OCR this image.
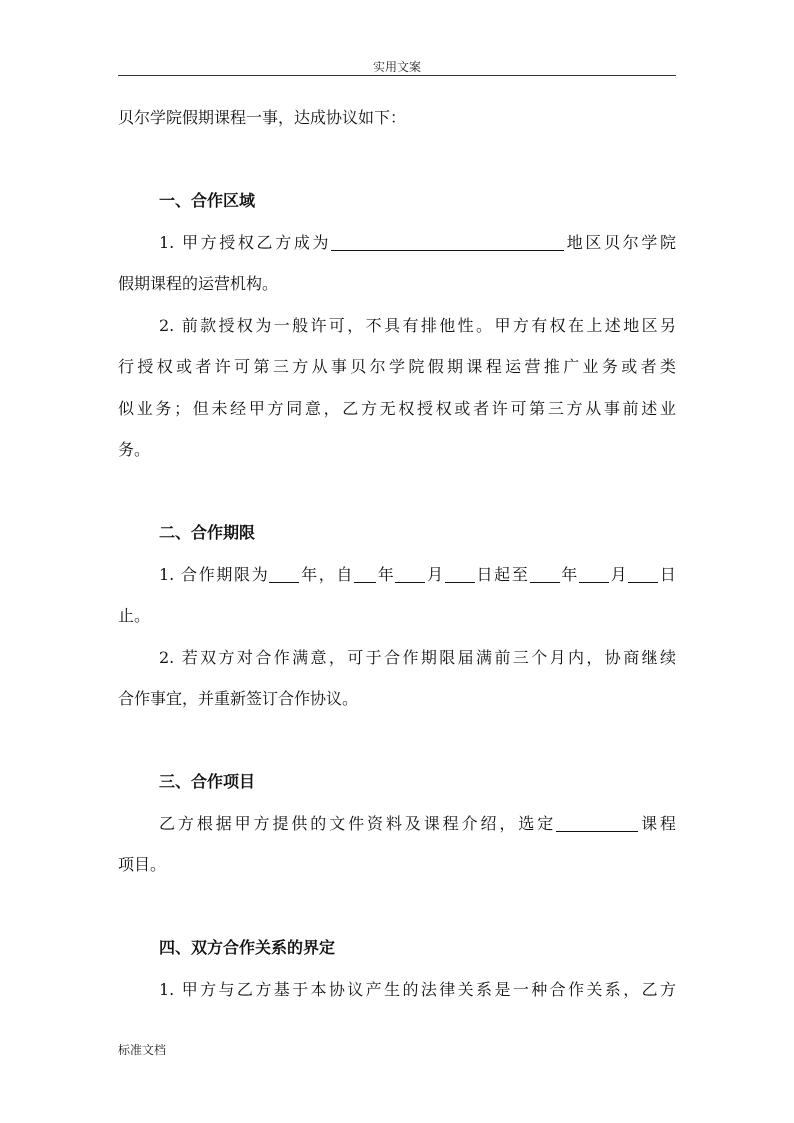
实用文案
贝尔学院假期课程一事，达成协议如下：
一、合作区域
1. 甲方授权乙方成为	地区贝尔学院
假期课程的运营机构。
2. 前款授权为一般许可，不具有排他性。甲方有权在上述地区另
行授权或者许可第三方从事贝尔学院假期课程运营推广业务或者类
似业务；但未经甲方同意，乙方无权授权或者许可第三方从事前述业
务。
二、合作期限
1. 合作期限为 年，自 年 月 日起至 年 月 日
止。
2. 若双方对合作满意，可于合作期限届满前三个月内，协商继续
合作事宜，并重新签订合作协议。
三、合作项目
乙方根据甲方提供的文件资料及课程介绍，选定	课程
项目。
四、双方合作关系的界定
1. 甲方与乙方基于本协议产生的法律关系是一种合作关系，乙方
标准文档
